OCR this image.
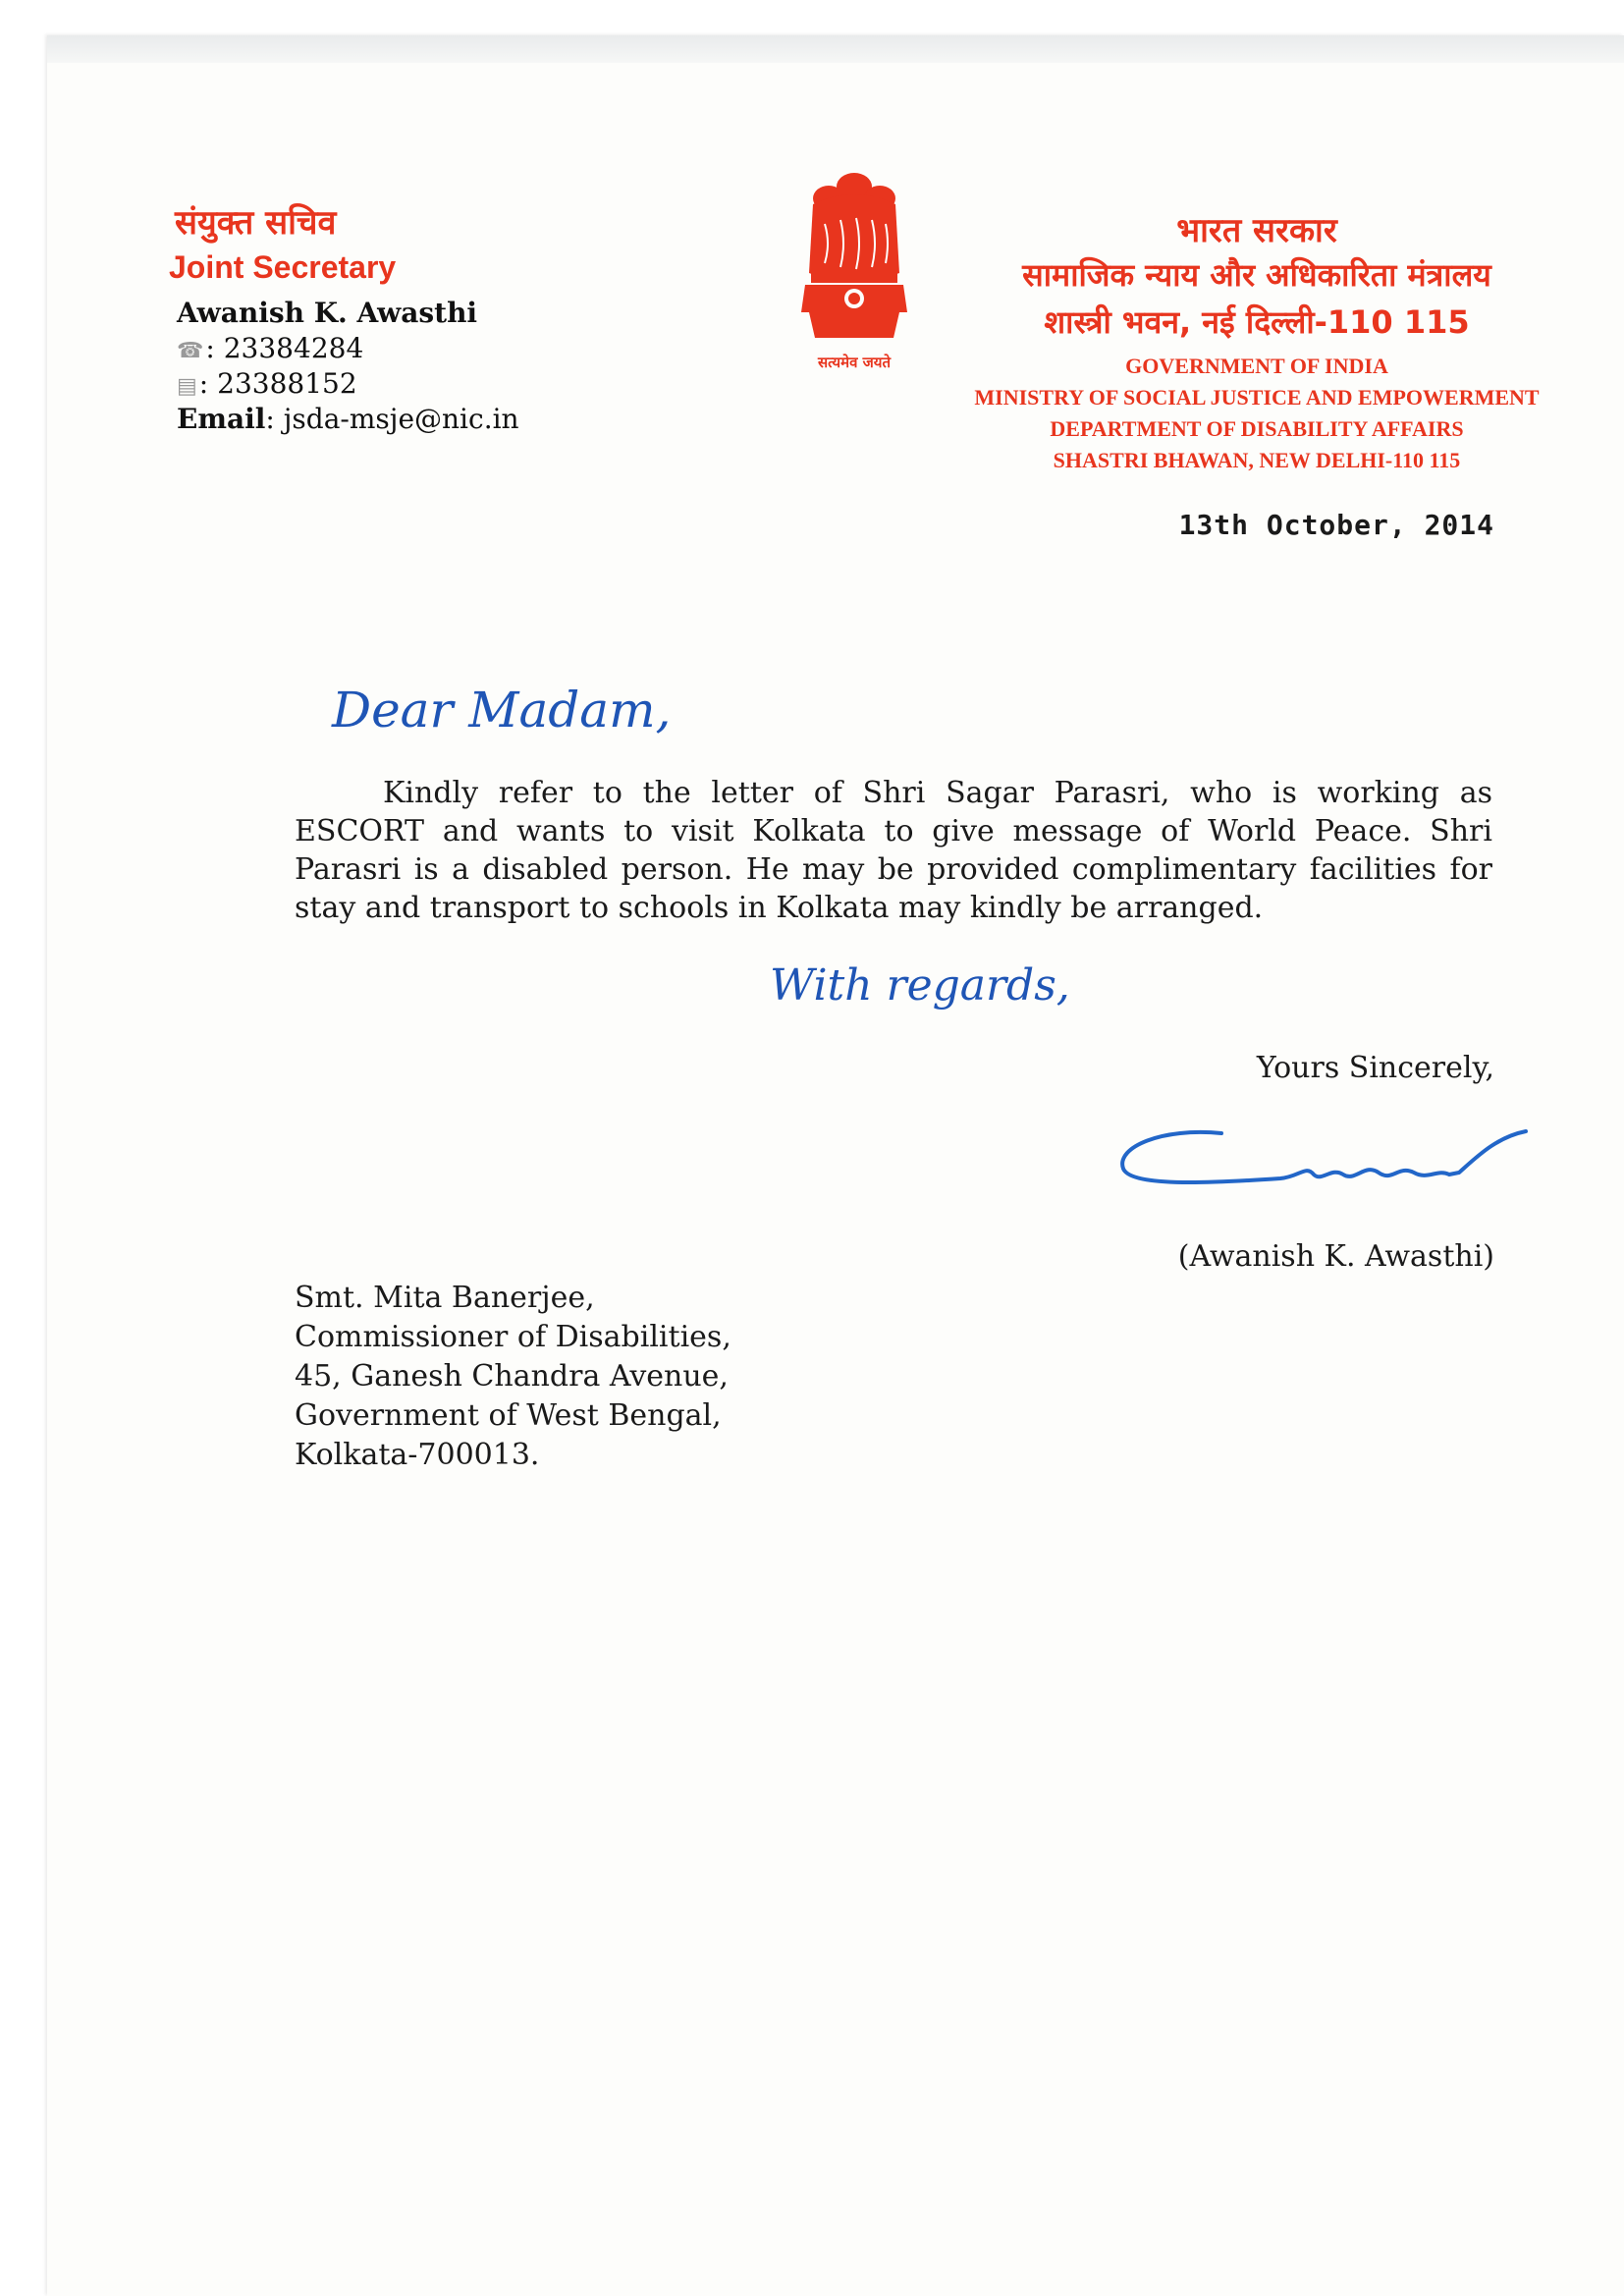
संयुक्त सचिव
Joint Secretary
Awanish K. Awasthi
☎: 23384284
▤: 23388152
Email: jsda-msje@nic.in
सत्यमेव जयते
भारत सरकार
सामाजिक न्याय और अधिकारिता मंत्रालय
शास्त्री भवन, नई दिल्ली-110 115
GOVERNMENT OF INDIA
MINISTRY OF SOCIAL JUSTICE AND EMPOWERMENT
DEPARTMENT OF DISABILITY AFFAIRS
SHASTRI BHAWAN, NEW DELHI-110 115
13th October, 2014
Dear Madam,
Kindly refer to the letter of Shri Sagar Parasri, who is working as ESCORT and wants to visit Kolkata to give message of World Peace. Shri Parasri is a disabled person. He may be provided complimentary facilities for stay and transport to schools in Kolkata may kindly be arranged.
With regards,
Yours Sincerely,
(Awanish K. Awasthi)
Smt. Mita Banerjee,
Commissioner of Disabilities,
45, Ganesh Chandra Avenue,
Government of West Bengal,
Kolkata-700013.
